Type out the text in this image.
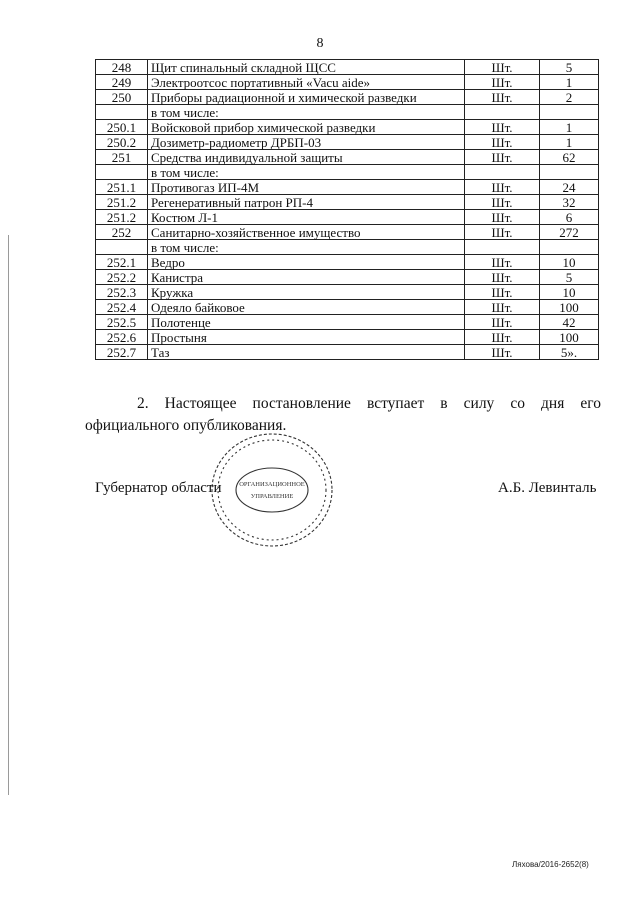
8
248	Щит спинальный складной ЩСС	Шт.	5
249	Электроотсос портативный «Vacu aide»	Шт.	1
250	Приборы радиационной и химической разведки	Шт.	2
	в том числе:		
250.1	Войсковой прибор химической разведки	Шт.	1
250.2	Дозиметр-радиометр ДРБП-03	Шт.	1
251	Средства индивидуальной защиты	Шт.	62
	в том числе:		
251.1	Противогаз ИП-4М	Шт.	24
251.2	Регенеративный патрон РП-4	Шт.	32
251.2	Костюм Л-1	Шт.	6
252	Санитарно-хозяйственное имущество	Шт.	272
	в том числе:		
252.1	Ведро	Шт.	10
252.2	Канистра	Шт.	5
252.3	Кружка	Шт.	10
252.4	Одеяло байковое	Шт.	100
252.5	Полотенце	Шт.	42
252.6	Простыня	Шт.	100
252.7	Таз	Шт.	5».

2. Настоящее постановление вступает в силу со дня его официального опубликования.

Губернатор области	ОРГАНИЗАЦИОННОЕ
УПРАВЛЕНИЕ
А.Б. Левинталь
Ляхова/2016-2652(8)
